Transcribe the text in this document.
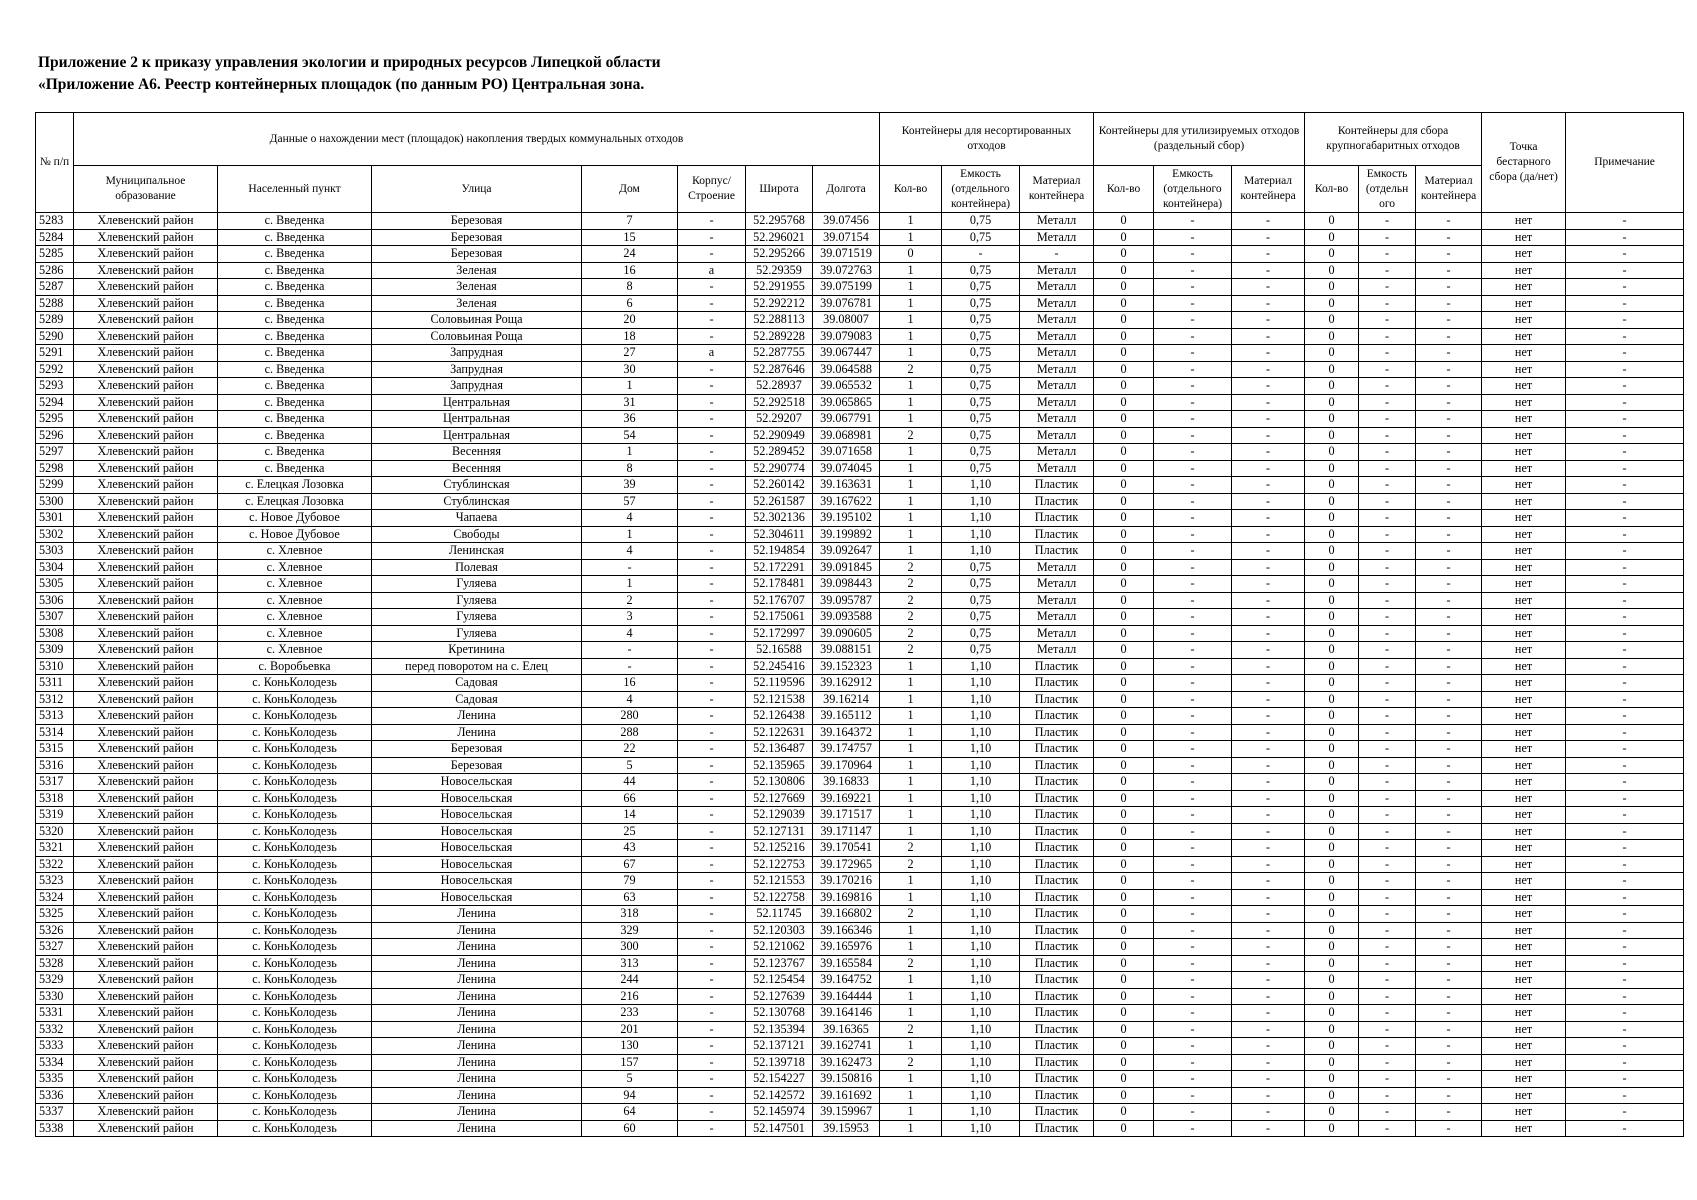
Приложение 2 к приказу управления экологии и природных ресурсов Липецкой области
«Приложение А6. Реестр контейнерных площадок (по данным РО) Центральная зона.
№ п/п	Данные о нахождении мест (площадок) накопления твердых коммунальных отходов							Контейнеры для несортированных отходов			Контейнеры для утилизируемых отходов (раздельный сбор)			Контейнеры для сбора крупногабаритных отходов			Точка бестарного сбора (да/нет)	Примечание
	Муниципальное образование	Населенный пункт	Улица	Дом	Корпус/ Строение	Широта	Долгота	Кол-во	Емкость (отдельного контейнера)	Материал контейнера	Кол-во	Емкость (отдельного контейнера)	Материал контейнера	Кол-во	Емкость (отдельн ого	Материал контейнера		
5283	Хлевенский район	с. Введенка	Березовая	7	-	52.295768	39.07456	1	0,75	Металл	0	-	-	0	-	-	нет	-
5284	Хлевенский район	с. Введенка	Березовая	15	-	52.296021	39.07154	1	0,75	Металл	0	-	-	0	-	-	нет	-
5285	Хлевенский район	с. Введенка	Березовая	24	-	52.295266	39.071519	0	-	-	0	-	-	0	-	-	нет	-
5286	Хлевенский район	с. Введенка	Зеленая	16	а	52.29359	39.072763	1	0,75	Металл	0	-	-	0	-	-	нет	-
5287	Хлевенский район	с. Введенка	Зеленая	8	-	52.291955	39.075199	1	0,75	Металл	0	-	-	0	-	-	нет	-
5288	Хлевенский район	с. Введенка	Зеленая	6	-	52.292212	39.076781	1	0,75	Металл	0	-	-	0	-	-	нет	-
5289	Хлевенский район	с. Введенка	Соловьиная Роща	20	-	52.288113	39.08007	1	0,75	Металл	0	-	-	0	-	-	нет	-
5290	Хлевенский район	с. Введенка	Соловьиная Роща	18	-	52.289228	39.079083	1	0,75	Металл	0	-	-	0	-	-	нет	-
5291	Хлевенский район	с. Введенка	Запрудная	27	а	52.287755	39.067447	1	0,75	Металл	0	-	-	0	-	-	нет	-
5292	Хлевенский район	с. Введенка	Запрудная	30	-	52.287646	39.064588	2	0,75	Металл	0	-	-	0	-	-	нет	-
5293	Хлевенский район	с. Введенка	Запрудная	1	-	52.28937	39.065532	1	0,75	Металл	0	-	-	0	-	-	нет	-
5294	Хлевенский район	с. Введенка	Центральная	31	-	52.292518	39.065865	1	0,75	Металл	0	-	-	0	-	-	нет	-
5295	Хлевенский район	с. Введенка	Центральная	36	-	52.29207	39.067791	1	0,75	Металл	0	-	-	0	-	-	нет	-
5296	Хлевенский район	с. Введенка	Центральная	54	-	52.290949	39.068981	2	0,75	Металл	0	-	-	0	-	-	нет	-
5297	Хлевенский район	с. Введенка	Весенняя	1	-	52.289452	39.071658	1	0,75	Металл	0	-	-	0	-	-	нет	-
5298	Хлевенский район	с. Введенка	Весенняя	8	-	52.290774	39.074045	1	0,75	Металл	0	-	-	0	-	-	нет	-
5299	Хлевенский район	с. Елецкая Лозовка	Стублинская	39	-	52.260142	39.163631	1	1,10	Пластик	0	-	-	0	-	-	нет	-
5300	Хлевенский район	с. Елецкая Лозовка	Стублинская	57	-	52.261587	39.167622	1	1,10	Пластик	0	-	-	0	-	-	нет	-
5301	Хлевенский район	с. Новое Дубовое	Чапаева	4	-	52.302136	39.195102	1	1,10	Пластик	0	-	-	0	-	-	нет	-
5302	Хлевенский район	с. Новое Дубовое	Свободы	1	-	52.304611	39.199892	1	1,10	Пластик	0	-	-	0	-	-	нет	-
5303	Хлевенский район	с. Хлевное	Ленинская	4	-	52.194854	39.092647	1	1,10	Пластик	0	-	-	0	-	-	нет	-
5304	Хлевенский район	с. Хлевное	Полевая	-	-	52.172291	39.091845	2	0,75	Металл	0	-	-	0	-	-	нет	-
5305	Хлевенский район	с. Хлевное	Гуляева	1	-	52.178481	39.098443	2	0,75	Металл	0	-	-	0	-	-	нет	-
5306	Хлевенский район	с. Хлевное	Гуляева	2	-	52.176707	39.095787	2	0,75	Металл	0	-	-	0	-	-	нет	-
5307	Хлевенский район	с. Хлевное	Гуляева	3	-	52.175061	39.093588	2	0,75	Металл	0	-	-	0	-	-	нет	-
5308	Хлевенский район	с. Хлевное	Гуляева	4	-	52.172997	39.090605	2	0,75	Металл	0	-	-	0	-	-	нет	-
5309	Хлевенский район	с. Хлевное	Кретинина	-	-	52.16588	39.088151	2	0,75	Металл	0	-	-	0	-	-	нет	-
5310	Хлевенский район	с. Воробьевка	перед поворотом на с. Елец	-	-	52.245416	39.152323	1	1,10	Пластик	0	-	-	0	-	-	нет	-
5311	Хлевенский район	с. КоньКолодезь	Садовая	16	-	52.119596	39.162912	1	1,10	Пластик	0	-	-	0	-	-	нет	-
5312	Хлевенский район	с. КоньКолодезь	Садовая	4	-	52.121538	39.16214	1	1,10	Пластик	0	-	-	0	-	-	нет	-
5313	Хлевенский район	с. КоньКолодезь	Ленина	280	-	52.126438	39.165112	1	1,10	Пластик	0	-	-	0	-	-	нет	-
5314	Хлевенский район	с. КоньКолодезь	Ленина	288	-	52.122631	39.164372	1	1,10	Пластик	0	-	-	0	-	-	нет	-
5315	Хлевенский район	с. КоньКолодезь	Березовая	22	-	52.136487	39.174757	1	1,10	Пластик	0	-	-	0	-	-	нет	-
5316	Хлевенский район	с. КоньКолодезь	Березовая	5	-	52.135965	39.170964	1	1,10	Пластик	0	-	-	0	-	-	нет	-
5317	Хлевенский район	с. КоньКолодезь	Новосельская	44	-	52.130806	39.16833	1	1,10	Пластик	0	-	-	0	-	-	нет	-
5318	Хлевенский район	с. КоньКолодезь	Новосельская	66	-	52.127669	39.169221	1	1,10	Пластик	0	-	-	0	-	-	нет	-
5319	Хлевенский район	с. КоньКолодезь	Новосельская	14	-	52.129039	39.171517	1	1,10	Пластик	0	-	-	0	-	-	нет	-
5320	Хлевенский район	с. КоньКолодезь	Новосельская	25	-	52.127131	39.171147	1	1,10	Пластик	0	-	-	0	-	-	нет	-
5321	Хлевенский район	с. КоньКолодезь	Новосельская	43	-	52.125216	39.170541	2	1,10	Пластик	0	-	-	0	-	-	нет	-
5322	Хлевенский район	с. КоньКолодезь	Новосельская	67	-	52.122753	39.172965	2	1,10	Пластик	0	-	-	0	-	-	нет	-
5323	Хлевенский район	с. КоньКолодезь	Новосельская	79	-	52.121553	39.170216	1	1,10	Пластик	0	-	-	0	-	-	нет	-
5324	Хлевенский район	с. КоньКолодезь	Новосельская	63	-	52.122758	39.169816	1	1,10	Пластик	0	-	-	0	-	-	нет	-
5325	Хлевенский район	с. КоньКолодезь	Ленина	318	-	52.11745	39.166802	2	1,10	Пластик	0	-	-	0	-	-	нет	-
5326	Хлевенский район	с. КоньКолодезь	Ленина	329	-	52.120303	39.166346	1	1,10	Пластик	0	-	-	0	-	-	нет	-
5327	Хлевенский район	с. КоньКолодезь	Ленина	300	-	52.121062	39.165976	1	1,10	Пластик	0	-	-	0	-	-	нет	-
5328	Хлевенский район	с. КоньКолодезь	Ленина	313	-	52.123767	39.165584	2	1,10	Пластик	0	-	-	0	-	-	нет	-
5329	Хлевенский район	с. КоньКолодезь	Ленина	244	-	52.125454	39.164752	1	1,10	Пластик	0	-	-	0	-	-	нет	-
5330	Хлевенский район	с. КоньКолодезь	Ленина	216	-	52.127639	39.164444	1	1,10	Пластик	0	-	-	0	-	-	нет	-
5331	Хлевенский район	с. КоньКолодезь	Ленина	233	-	52.130768	39.164146	1	1,10	Пластик	0	-	-	0	-	-	нет	-
5332	Хлевенский район	с. КоньКолодезь	Ленина	201	-	52.135394	39.16365	2	1,10	Пластик	0	-	-	0	-	-	нет	-
5333	Хлевенский район	с. КоньКолодезь	Ленина	130	-	52.137121	39.162741	1	1,10	Пластик	0	-	-	0	-	-	нет	-
5334	Хлевенский район	с. КоньКолодезь	Ленина	157	-	52.139718	39.162473	2	1,10	Пластик	0	-	-	0	-	-	нет	-
5335	Хлевенский район	с. КоньКолодезь	Ленина	5	-	52.154227	39.150816	1	1,10	Пластик	0	-	-	0	-	-	нет	-
5336	Хлевенский район	с. КоньКолодезь	Ленина	94	-	52.142572	39.161692	1	1,10	Пластик	0	-	-	0	-	-	нет	-
5337	Хлевенский район	с. КоньКолодезь	Ленина	64	-	52.145974	39.159967	1	1,10	Пластик	0	-	-	0	-	-	нет	-
5338	Хлевенский район	с. КоньКолодезь	Ленина	60	-	52.147501	39.15953	1	1,10	Пластик	0	-	-	0	-	-	нет	-
